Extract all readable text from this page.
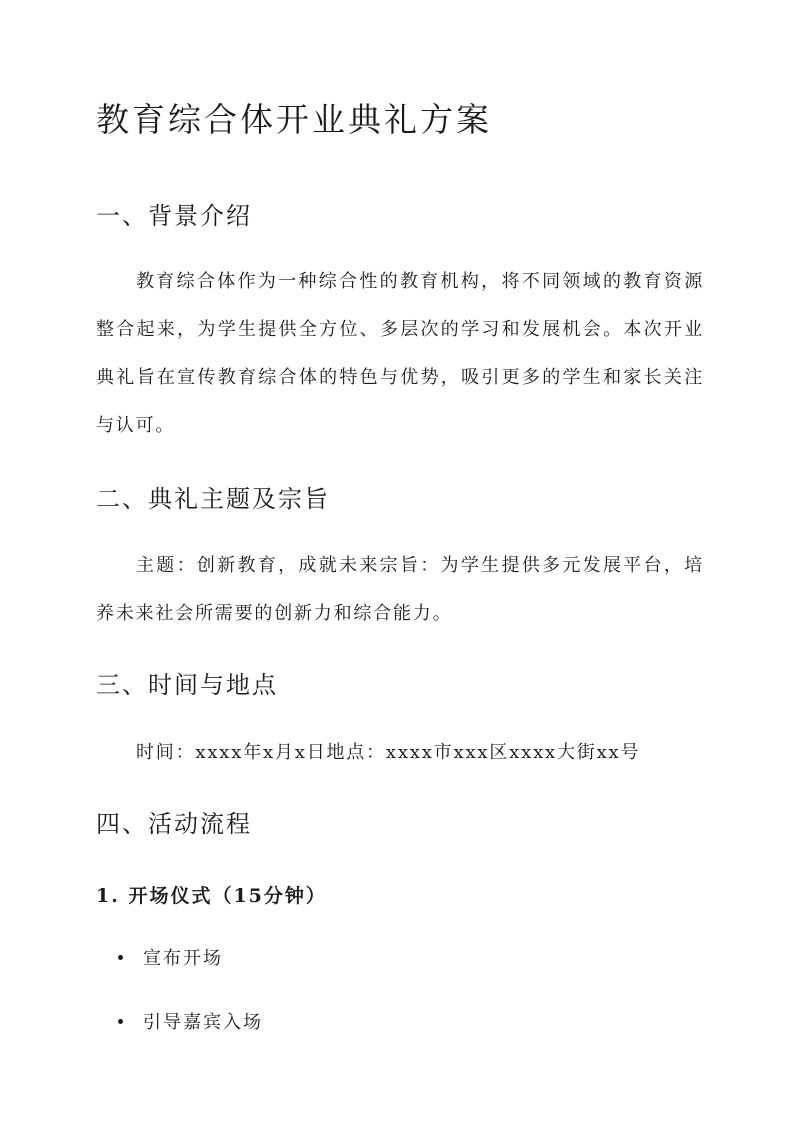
教育综合体开业典礼方案
一、背景介绍

教育综合体作为一种综合性的教育机构，将不同领域的教育资源整合起来，为学生提供全方位、多层次的学习和发展机会。本次开业典礼旨在宣传教育综合体的特色与优势，吸引更多的学生和家长关注与认可。

二、典礼主题及宗旨

主题：创新教育，成就未来宗旨：为学生提供多元发展平台，培养未来社会所需要的创新力和综合能力。

三、时间与地点

时间：xxxx年x月x日地点：xxxx市xxx区xxxx大街xx号

四、活动流程
1. 开场仪式（15分钟）
宣布开场
引导嘉宾入场
